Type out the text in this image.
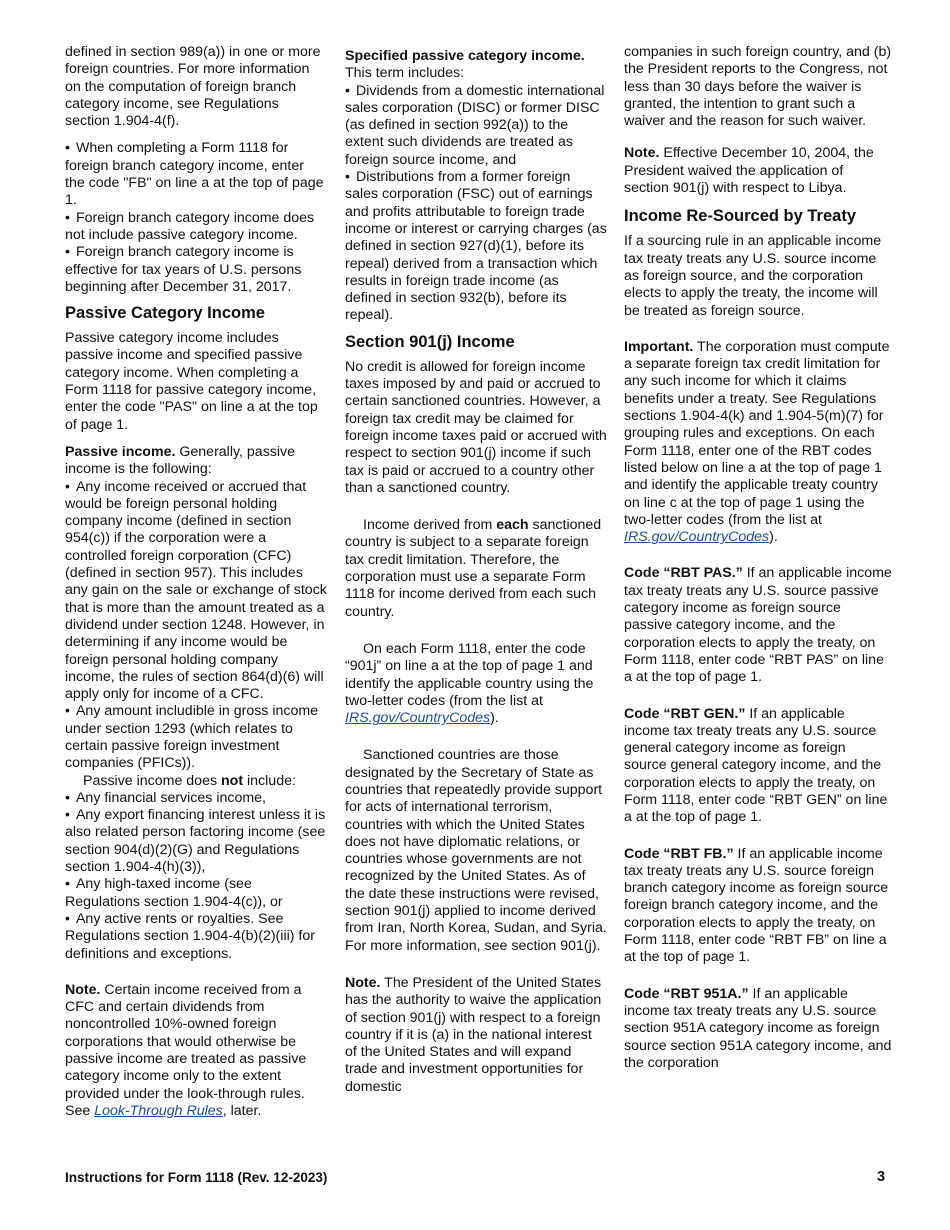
defined in section 989(a)) in one or more foreign countries. For more information on the computation of foreign branch category income, see Regulations section 1.904-4(f).

• When completing a Form 1118 for foreign branch category income, enter the code "FB" on line a at the top of page 1.

• Foreign branch category income does not include passive category income.

• Foreign branch category income is effective for tax years of U.S. persons beginning after December 31, 2017.

Passive Category Income

Passive category income includes passive income and specified passive category income. When completing a Form 1118 for passive category income, enter the code "PAS" on line a at the top of page 1.

Passive income. Generally, passive income is the following:

• Any income received or accrued that would be foreign personal holding company income (defined in section 954(c)) if the corporation were a controlled foreign corporation (CFC) (defined in section 957). This includes any gain on the sale or exchange of stock that is more than the amount treated as a dividend under section 1248. However, in determining if any income would be foreign personal holding company income, the rules of section 864(d)(6) will apply only for income of a CFC.

• Any amount includible in gross income under section 1293 (which relates to certain passive foreign investment companies (PFICs)).

Passive income does not include:

• Any financial services income,

• Any export financing interest unless it is also related person factoring income (see section 904(d)(2)(G) and Regulations section 1.904-4(h)(3)),

• Any high-taxed income (see Regulations section 1.904-4(c)), or

• Any active rents or royalties. See Regulations section 1.904-4(b)(2)(iii) for definitions and exceptions.

Note. Certain income received from a CFC and certain dividends from noncontrolled 10%-owned foreign corporations that would otherwise be passive income are treated as passive category income only to the extent provided under the look-through rules. See Look-Through Rules, later.

Specified passive category income. This term includes:

• Dividends from a domestic international sales corporation (DISC) or former DISC (as defined in section 992(a)) to the extent such dividends are treated as foreign source income, and

• Distributions from a former foreign sales corporation (FSC) out of earnings and profits attributable to foreign trade income or interest or carrying charges (as defined in section 927(d)(1), before its repeal) derived from a transaction which results in foreign trade income (as defined in section 932(b), before its repeal).

Section 901(j) Income

No credit is allowed for foreign income taxes imposed by and paid or accrued to certain sanctioned countries. However, a foreign tax credit may be claimed for foreign income taxes paid or accrued with respect to section 901(j) income if such tax is paid or accrued to a country other than a sanctioned country.

Income derived from each sanctioned country is subject to a separate foreign tax credit limitation. Therefore, the corporation must use a separate Form 1118 for income derived from each such country.

On each Form 1118, enter the code “901j” on line a at the top of page 1 and identify the applicable country using the two-letter codes (from the list at IRS.gov/CountryCodes).

Sanctioned countries are those designated by the Secretary of State as countries that repeatedly provide support for acts of international terrorism, countries with which the United States does not have diplomatic relations, or countries whose governments are not recognized by the United States. As of the date these instructions were revised, section 901(j) applied to income derived from Iran, North Korea, Sudan, and Syria. For more information, see section 901(j).

Note. The President of the United States has the authority to waive the application of section 901(j) with respect to a foreign country if it is (a) in the national interest of the United States and will expand trade and investment opportunities for domestic

companies in such foreign country, and (b) the President reports to the Congress, not less than 30 days before the waiver is granted, the intention to grant such a waiver and the reason for such waiver.

Note. Effective December 10, 2004, the President waived the application of section 901(j) with respect to Libya.

Income Re-Sourced by Treaty

If a sourcing rule in an applicable income tax treaty treats any U.S. source income as foreign source, and the corporation elects to apply the treaty, the income will be treated as foreign source.

Important. The corporation must compute a separate foreign tax credit limitation for any such income for which it claims benefits under a treaty. See Regulations sections 1.904-4(k) and 1.904-5(m)(7) for grouping rules and exceptions. On each Form 1118, enter one of the RBT codes listed below on line a at the top of page 1 and identify the applicable treaty country on line c at the top of page 1 using the two-letter codes (from the list at IRS.gov/CountryCodes).

Code “RBT PAS.” If an applicable income tax treaty treats any U.S. source passive category income as foreign source passive category income, and the corporation elects to apply the treaty, on Form 1118, enter code “RBT PAS” on line a at the top of page 1.

Code “RBT GEN.” If an applicable income tax treaty treats any U.S. source general category income as foreign source general category income, and the corporation elects to apply the treaty, on Form 1118, enter code “RBT GEN” on line a at the top of page 1.

Code “RBT FB.” If an applicable income tax treaty treats any U.S. source foreign branch category income as foreign source foreign branch category income, and the corporation elects to apply the treaty, on Form 1118, enter code “RBT FB” on line a at the top of page 1.

Code “RBT 951A.” If an applicable income tax treaty treats any U.S. source section 951A category income as foreign source section 951A category income, and the corporation

Instructions for Form 1118 (Rev. 12-2023)	3
